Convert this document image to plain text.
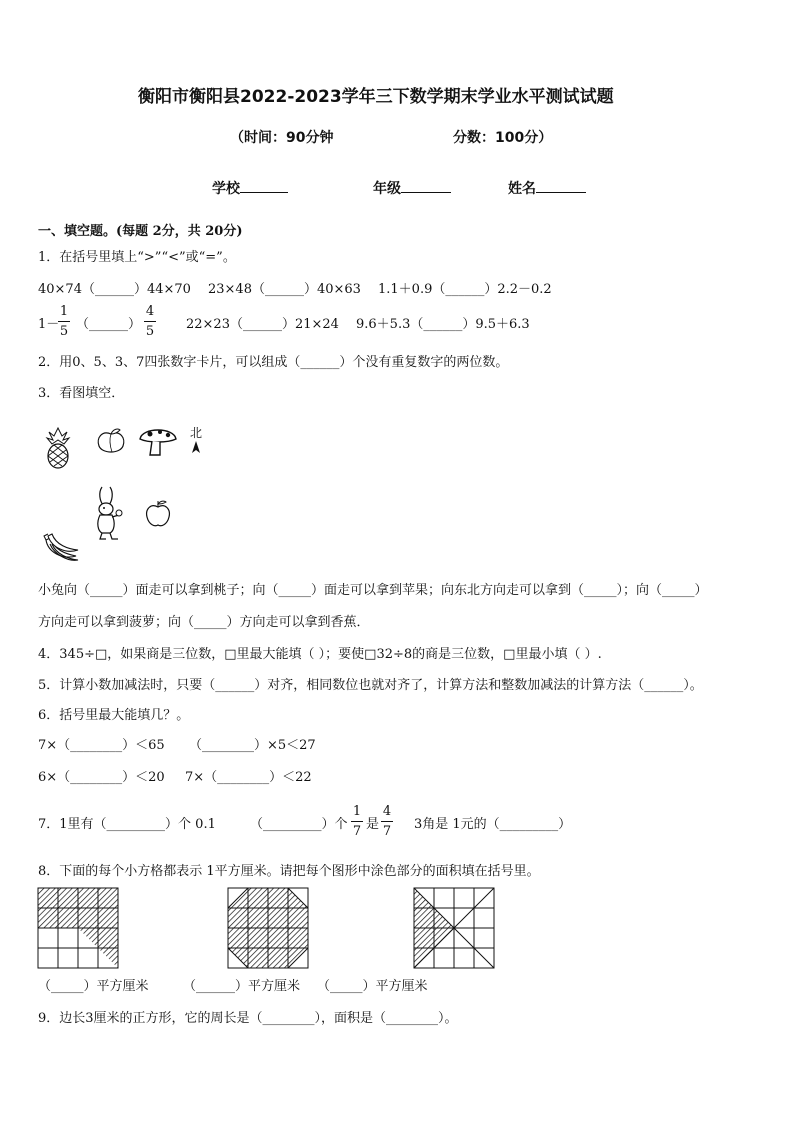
衡阳市衡阳县2022-2023学年三下数学期末学业水平测试试题
（时间：90分钟	分数：100分）
学校	年级	姓名
一、填空题。(每题 2分，共 20分)
1．在括号里填上“>”“<”或“=”。
40×74（______）44×70 23×48（______）40×63 1.1＋0.9（______）2.2－0.2
1－
1
5 （______）
4
5 22×23（______）21×24 9.6＋5.3（______）9.5＋6.3
2．用0、5、3、7四张数字卡片，可以组成（______）个没有重复数字的两位数。
3．看图填空．
北
小兔向（_____）面走可以拿到桃子；向（_____）面走可以拿到苹果；向东北方向走可以拿到（_____）；向（_____）
方向走可以拿到菠萝；向（_____）方向走可以拿到香蕉．
4．345÷□，如果商是三位数，□里最大能填（ ）；要使□32÷8的商是三位数，□里最小填（ ）.
5．计算小数加减法时，只要（______）对齐，相同数位也就对齐了，计算方法和整数加减法的计算方法（______）。
6．括号里最大能填几？。
7×（________）＜65 （________）×5＜27
6×（________）＜20 7×（________）＜22
7．1里有（_________）个 0.1	（_________）个
1
7 是
4
7 3角是 1元的（_________）
8．下面的每个小方格都表示 1平方厘米。请把每个图形中涂色部分的面积填在括号里。
（_____）平方厘米	（______）平方厘米 （_____）平方厘米
9．边长3厘米的正方形，它的周长是（________），面积是（________）。
